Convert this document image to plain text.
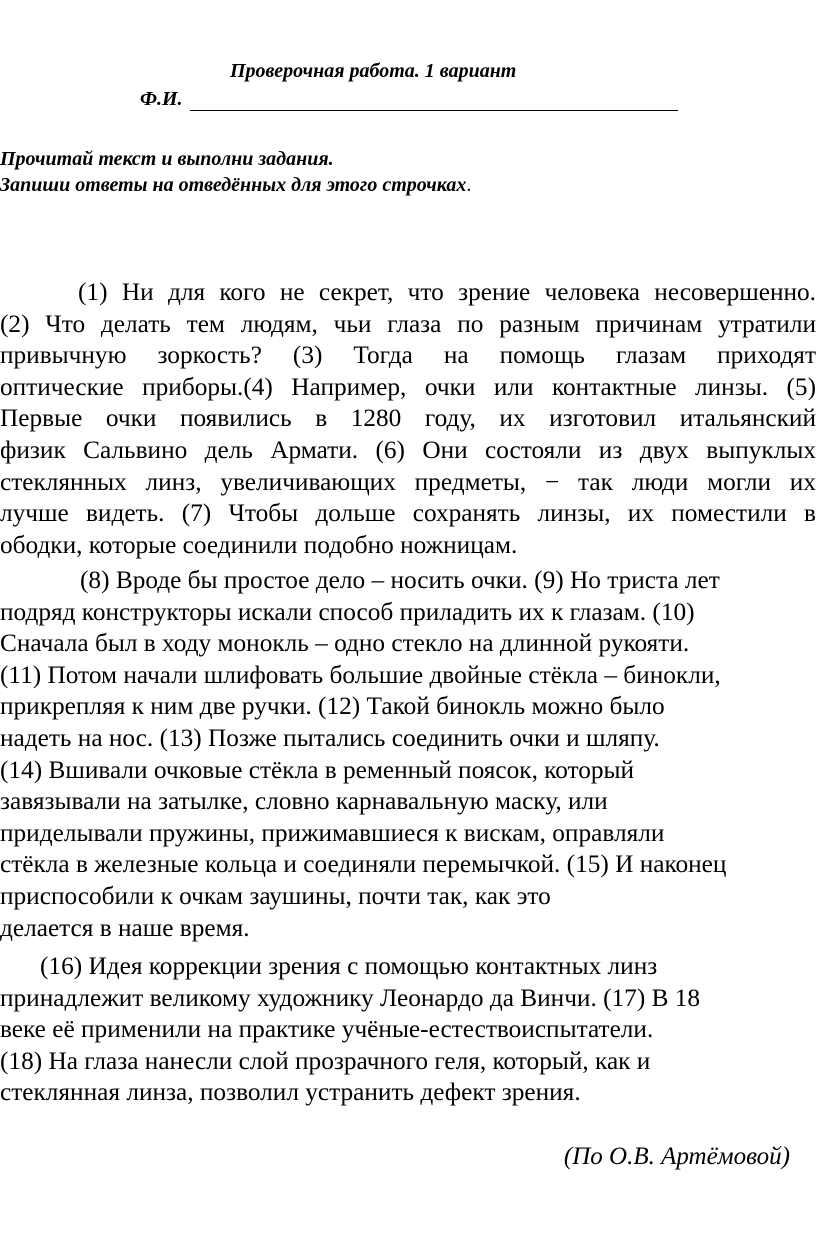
Проверочная работа. 1 вариант
Ф.И.
Прочитай текст и выполни задания.
Запиши ответы на отведённых для этого строчках.
(1) Ни для кого не секрет, что зрение человека несовершенно.
(2) Что делать тем людям, чьи глаза по разным причинам утратили
привычную зоркость? (3) Тогда на помощь глазам приходят
оптические приборы.(4) Например, очки или контактные линзы. (5)
Первые очки появились в 1280 году, их изготовил итальянский
физик Сальвино дель Армати. (6) Они состояли из двух выпуклых
стеклянных линз, увеличивающих предметы, − так люди могли их
лучше видеть. (7) Чтобы дольше сохранять линзы, их поместили в
ободки, которые соединили подобно ножницам.
(8) Вроде бы простое дело – носить очки. (9) Но триста лет
подряд конструкторы искали способ приладить их к глазам. (10)
Сначала был в ходу монокль – одно стекло на длинной рукояти.
(11) Потом начали шлифовать большие двойные стёкла – бинокли,
прикрепляя к ним две ручки. (12) Такой бинокль можно было
надеть на нос. (13) Позже пытались соединить очки и шляпу.
(14) Вшивали очковые стёкла в ременный поясок, который
завязывали на затылке, словно карнавальную маску, или
приделывали пружины, прижимавшиеся к вискам, оправляли
стёкла в железные кольца и соединяли перемычкой. (15) И наконец
приспособили к очкам заушины, почти так, как это
делается в наше время.
(16) Идея коррекции зрения с помощью контактных линз
принадлежит великому художнику Леонардо да Винчи. (17) В 18
веке её применили на практике учёные-естествоиспытатели.
(18) На глаза нанесли слой прозрачного геля, который, как и
стеклянная линза, позволил устранить дефект зрения.
(По О.В. Артёмовой)
